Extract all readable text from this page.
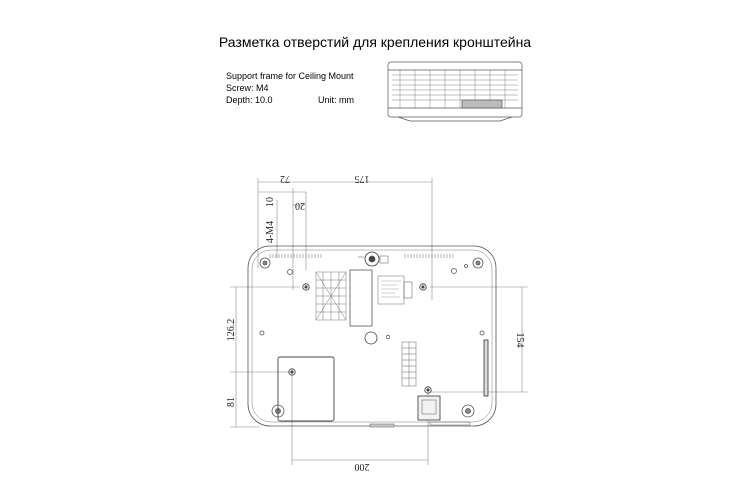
Разметка отверстий для крепления кронштейна
Support frame for Ceiling Mount
Screw: M4
Depth: 10.0	Unit: mm
72	175
20
10
4-M4
126.2
81
154
200
